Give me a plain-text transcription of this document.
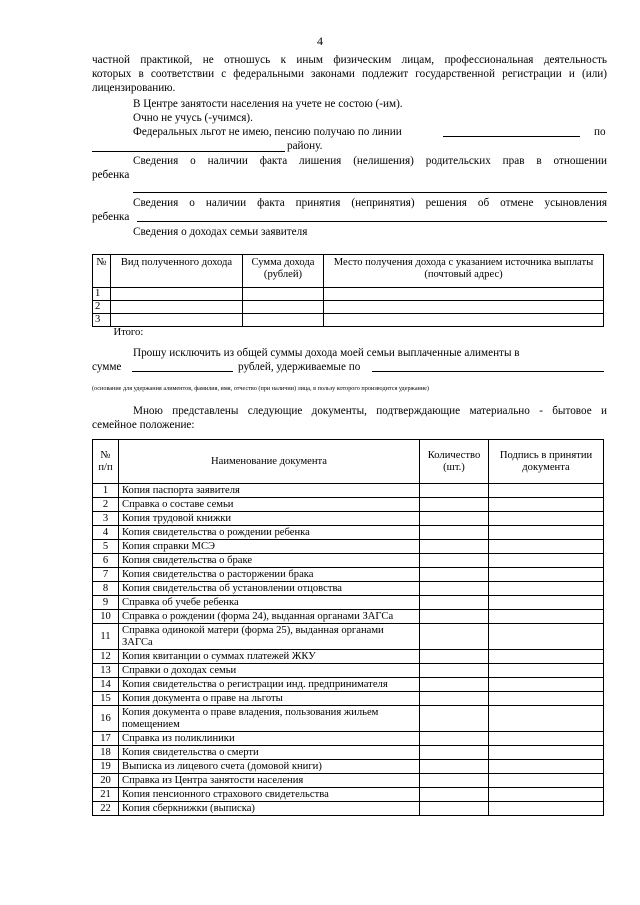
4
частной практикой, не отношусь к иным физическим лицам, профессиональная деятельность
которых в соответствии с федеральными законами подлежит государственной регистрации и (или)
лицензированию.
В Центре занятости населения на учете не состою (-им).
Очно не учусь (-учимся).
Федеральных льгот не имею, пенсию получаю по линии	по
району.
Сведения о наличии факта лишения (нелишения) родительских прав в отношении
ребенка
Сведения о наличии факта принятия (непринятия) решения об отмене усыновления
ребенка
Сведения о доходах семьи заявителя
№	Вид полученного дохода	Сумма дохода (рублей)	Место получения дохода с указанием источника выплаты (почтовый адрес)
1			
2			
3			
	Итого:		
Прошу исключить из общей суммы дохода моей семьи выплаченные алименты в
сумме	рублей, удерживаемые по
(основание для удержания алиментов, фамилия, имя, отчество (при наличии) лица, в пользу которого производится удержание)
Мною представлены следующие документы, подтверждающие материально - бытовое и
семейное положение:
№ п/п	Наименование документа	Количество (шт.)	Подпись в принятии документа
1	Копия паспорта заявителя		
2	Справка о составе семьи		
3	Копия трудовой книжки		
4	Копия свидетельства о рождении ребенка		
5	Копия справки МСЭ		
6	Копия свидетельства о браке		
7	Копия свидетельства о расторжении брака		
8	Копия свидетельства об установлении отцовства		
9	Справка об учебе ребенка		
10	Справка о рождении (форма 24), выданная органами ЗАГСа		
11	Справка одинокой матери (форма 25), выданная органами ЗАГСа		
12	Копия квитанции о суммах платежей ЖКУ		
13	Справки о доходах семьи		
14	Копия свидетельства о регистрации инд. предпринимателя		
15	Копия документа о праве на льготы		
16	Копия документа о праве владения, пользования жильем помещением		
17	Справка из поликлиники		
18	Копия свидетельства о смерти		
19	Выписка из лицевого счета (домовой книги)		
20	Справка из Центра занятости населения		
21	Копия пенсионного страхового свидетельства		
22	Копия сберкнижки (выписка)		
